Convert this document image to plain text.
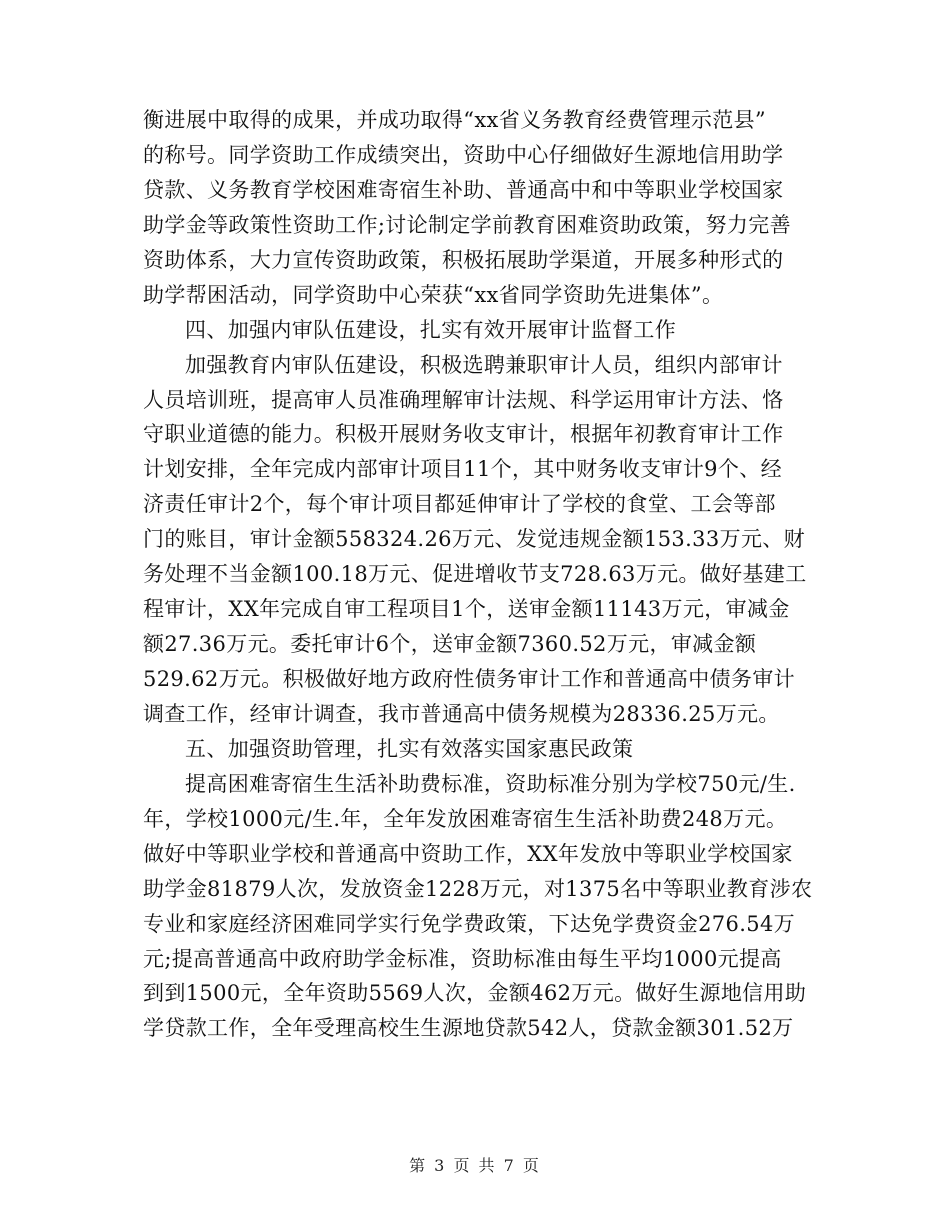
衡进展中取得的成果，并成功取得“xx省义务教育经费管理示范县”
的称号。同学资助工作成绩突出，资助中心仔细做好生源地信用助学
贷款、义务教育学校困难寄宿生补助、普通高中和中等职业学校国家
助学金等政策性资助工作;讨论制定学前教育困难资助政策，努力完善
资助体系，大力宣传资助政策，积极拓展助学渠道，开展多种形式的
助学帮困活动，同学资助中心荣获“xx省同学资助先进集体”。
四、加强内审队伍建设，扎实有效开展审计监督工作
加强教育内审队伍建设，积极选聘兼职审计人员，组织内部审计
人员培训班，提高审人员准确理解审计法规、科学运用审计方法、恪
守职业道德的能力。积极开展财务收支审计，根据年初教育审计工作
计划安排，全年完成内部审计项目11个，其中财务收支审计9个、经
济责任审计2个，每个审计项目都延伸审计了学校的食堂、工会等部
门的账目，审计金额558324.26万元、发觉违规金额153.33万元、财
务处理不当金额100.18万元、促进增收节支728.63万元。做好基建工
程审计，XX年完成自审工程项目1个，送审金额11143万元，审减金
额27.36万元。委托审计6个，送审金额7360.52万元，审减金额
529.62万元。积极做好地方政府性债务审计工作和普通高中债务审计
调查工作，经审计调查，我市普通高中债务规模为28336.25万元。
五、加强资助管理，扎实有效落实国家惠民政策
提高困难寄宿生生活补助费标准，资助标准分别为学校750元/生.
年，学校1000元/生.年，全年发放困难寄宿生生活补助费248万元。
做好中等职业学校和普通高中资助工作，XX年发放中等职业学校国家
助学金81879人次，发放资金1228万元，对1375名中等职业教育涉农
专业和家庭经济困难同学实行免学费政策，下达免学费资金276.54万
元;提高普通高中政府助学金标准，资助标准由每生平均1000元提高
到到1500元，全年资助5569人次，金额462万元。做好生源地信用助
学贷款工作，全年受理高校生生源地贷款542人，贷款金额301.52万
第 3 页 共 7 页
